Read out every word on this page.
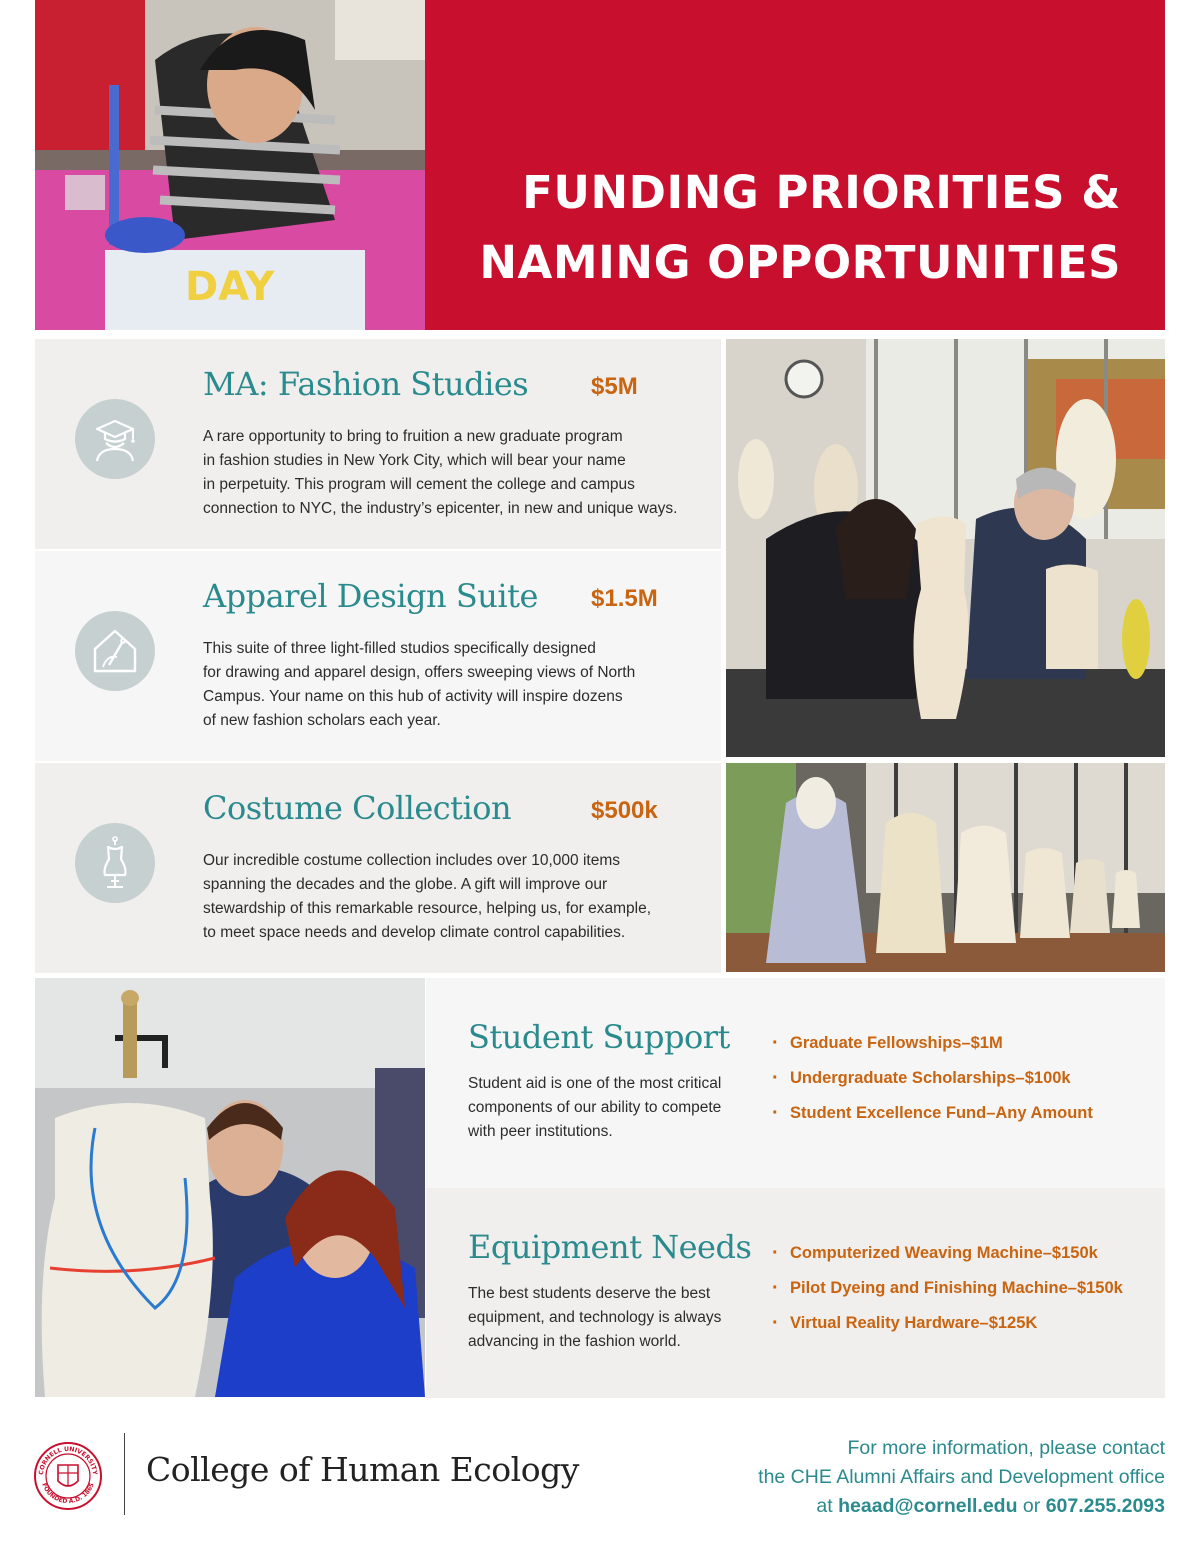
DAY
FUNDING PRIORITIES &
NAMING OPPORTUNITIES
MA: Fashion Studies	$5M
A rare opportunity to bring to fruition a new graduate program
in fashion studies in New York City, which will bear your name
in perpetuity. This program will cement the college and campus
connection to NYC, the industry’s epicenter, in new and unique ways.
Apparel Design Suite $1.5M
This suite of three light-filled studios specifically designed
for drawing and apparel design, offers sweeping views of North
Campus. Your name on this hub of activity will inspire dozens
of new fashion scholars each year.
Costume Collection	$500k
Our incredible costume collection includes over 10,000 items
spanning the decades and the globe. A gift will improve our
stewardship of this remarkable resource, helping us, for example,
to meet space needs and develop climate control capabilities.
Student Support
Student aid is one of the most critical
components of our ability to compete
with peer institutions.
· Graduate Fellowships–$1M
· Undergraduate Scholarships–$100k
· Student Excellence Fund–Any Amount
Equipment Needs
The best students deserve the best
equipment, and technology is always
advancing in the fashion world.
· Computerized Weaving Machine–$150k
· Pilot Dyeing and Finishing Machine–$150k
· Virtual Reality Hardware–$125K
CORNELL UNIVERSITY
FOUNDED A.D. 1865 College of Human Ecology
For more information, please contact
the CHE Alumni Affairs and Development office
at heaad@cornell.edu or 607.255.2093
